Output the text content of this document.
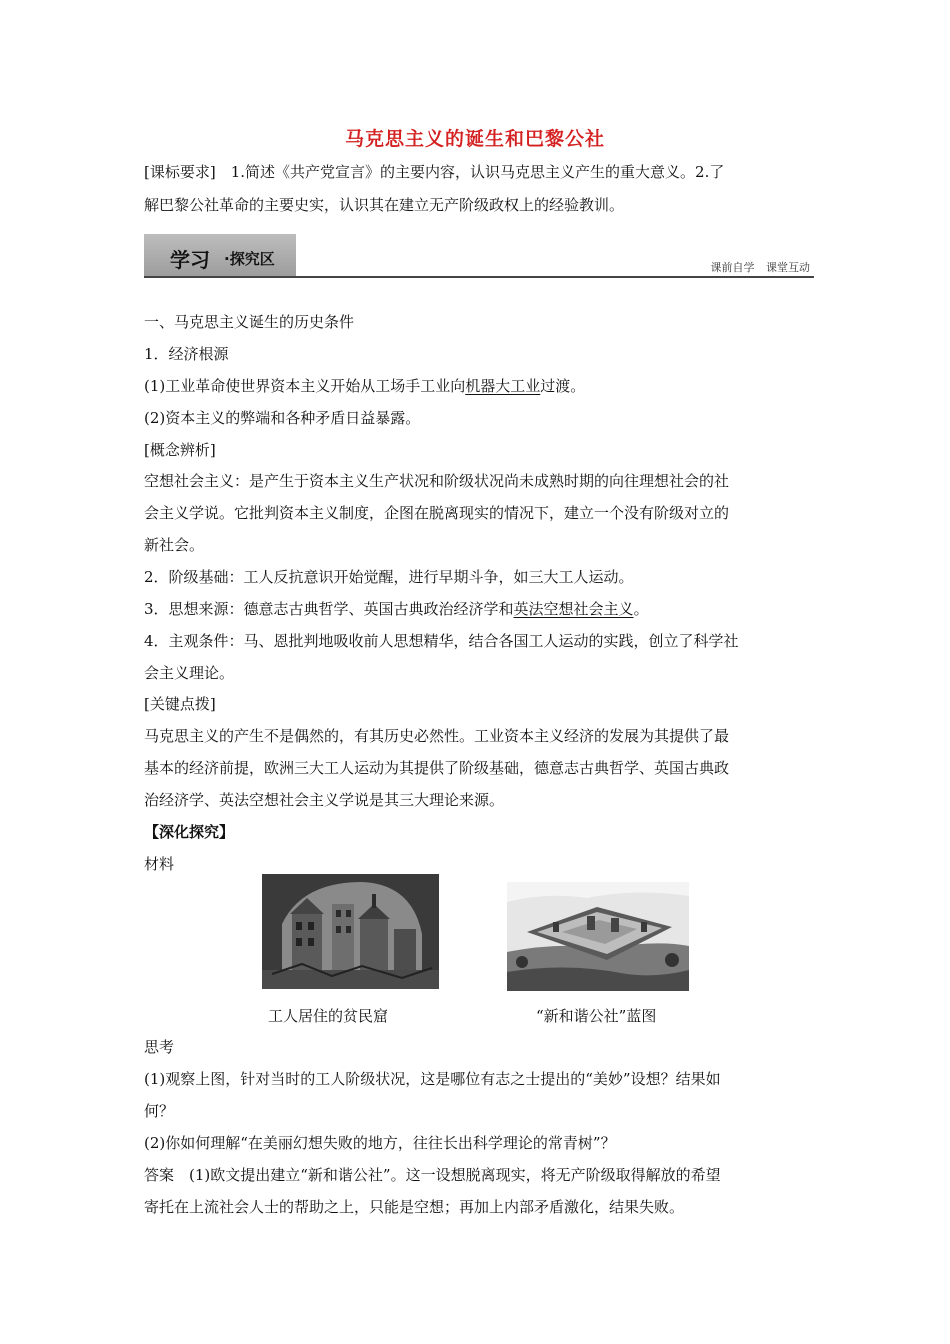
马克思主义的诞生和巴黎公社
[课标要求]　1.简述《共产党宣言》的主要内容，认识马克思主义产生的重大意义。2.了
解巴黎公社革命的主要史实，认识其在建立无产阶级政权上的经验教训。
学习 ·探究区	课前自学 课堂互动
一、马克思主义诞生的历史条件
1．经济根源
(1)工业革命使世界资本主义开始从工场手工业向机器大工业过渡。
(2)资本主义的弊端和各种矛盾日益暴露。
[概念辨析]
空想社会主义：是产生于资本主义生产状况和阶级状况尚未成熟时期的向往理想社会的社
会主义学说。它批判资本主义制度，企图在脱离现实的情况下，建立一个没有阶级对立的
新社会。
2．阶级基础：工人反抗意识开始觉醒，进行早期斗争，如三大工人运动。
3．思想来源：德意志古典哲学、英国古典政治经济学和英法空想社会主义。
4．主观条件：马、恩批判地吸收前人思想精华，结合各国工人运动的实践，创立了科学社
会主义理论。
[关键点拨]
马克思主义的产生不是偶然的，有其历史必然性。工业资本主义经济的发展为其提供了最
基本的经济前提，欧洲三大工人运动为其提供了阶级基础，德意志古典哲学、英国古典政
治经济学、英法空想社会主义学说是其三大理论来源。
【深化探究】
材料
工人居住的贫民窟	“新和谐公社”蓝图
思考
(1)观察上图，针对当时的工人阶级状况，这是哪位有志之士提出的“美妙”设想？结果如
何？
(2)你如何理解“在美丽幻想失败的地方，往往长出科学理论的常青树”？
答案　(1)欧文提出建立“新和谐公社”。这一设想脱离现实，将无产阶级取得解放的希望
寄托在上流社会人士的帮助之上，只能是空想；再加上内部矛盾激化，结果失败。
